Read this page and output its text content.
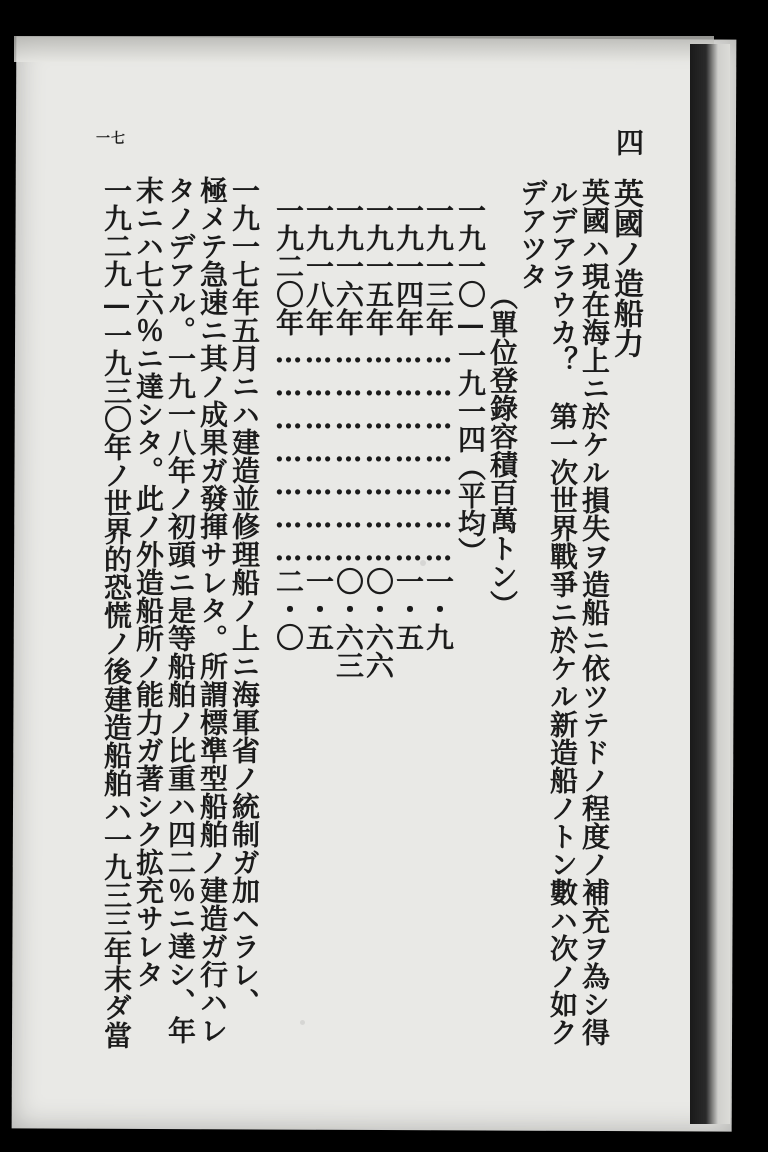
一七	四
英國ノ造船力
英國ハ現在海上ニ於ケル損失ヲ造船ニ依ツテドノ程度ノ補充ヲ為シ得
ルデアラウカ？　第一次世界戰爭ニ於ケル新造船ノトン數ハ次ノ如ク
デアツタ
（單位登錄容積百萬トン）
一九一〇—一九一四（平均）
一九一三年…………………一・九
一九一四年…………………一・五
一九一五年…………………〇・六六
一九一六年…………………〇・六三
一九一八年…………………一・五
一九二〇年…………………二・〇
一九一七年五月ニハ建造並修理船ノ上ニ海軍省ノ統制ガ加ヘラレ、
極メテ急速ニ其ノ成果ガ發揮サレタ。所謂標準型船舶ノ建造ガ行ハレ
タノデアル。一九一八年ノ初頭ニ是等船舶ノ比重ハ四二％ニ達シ、年
末ニハ七六％ニ達シタ。此ノ外造船所ノ能力ガ著シク拡充サレタ
一九二九—一九三〇年ノ世界的恐慌ノ後建造船舶ハ一九三三年末ダ當
